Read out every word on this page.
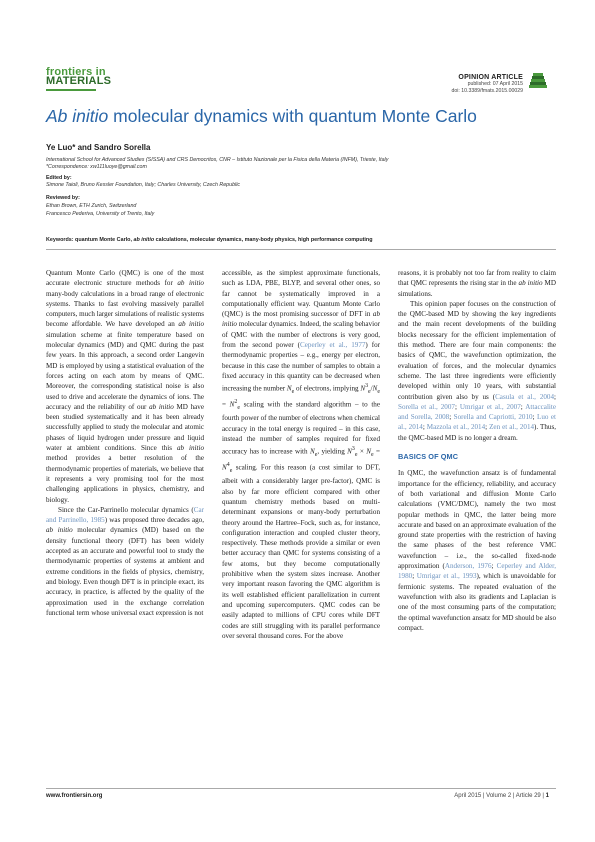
frontiers in
MATERIALS	OPINION ARTICLE
published: 07 April 2015
doi: 10.3389/fmats.2015.00029
Ab initio molecular dynamics with quantum Monte Carlo
Ye Luo* and Sandro Sorella
International School for Advanced Studies (SISSA) and CRS Democritos, CNR – Istituto Nazionale per la Fisica della Materia (INFM), Trieste, Italy
*Correspondence: xw111luoye@gmail.com
Edited by:
Simone Taioli, Bruno Kessler Foundation, Italy; Charles University, Czech Republic
Reviewed by:
Ethan Brown, ETH Zurich, Switzerland
Francesco Pederiva, University of Trento, Italy
Keywords: quantum Monte Carlo, ab initio calculations, molecular dynamics, many-body physics, high performance computing

Quantum Monte Carlo (QMC) is one of the most accurate electronic structure methods for ab initio many-body calculations in a broad range of electronic systems. Thanks to fast evolving massively parallel computers, much larger simulations of realistic systems become affordable. We have developed an ab initio simulation scheme at finite temperature based on molecular dynamics (MD) and QMC during the past few years. In this approach, a second order Langevin MD is employed by using a statistical evaluation of the forces acting on each atom by means of QMC. Moreover, the corresponding statistical noise is also used to drive and accelerate the dynamics of ions. The accuracy and the reliability of our ab initio MD have been studied systematically and it has been already successfully applied to study the molecular and atomic phases of liquid hydrogen under pressure and liquid water at ambient conditions. Since this ab initio method provides a better resolution of the thermodynamic properties of materials, we believe that it represents a very promising tool for the most challenging applications in physics, chemistry, and biology.

Since the Car-Parrinello molecular dynamics (Car and Parrinello, 1985) was proposed three decades ago, ab initio molecular dynamics (MD) based on the density functional theory (DFT) has been widely accepted as an accurate and powerful tool to study the thermodynamic properties of systems at ambient and extreme conditions in the fields of physics, chemistry, and biology. Even though DFT is in principle exact, its accuracy, in practice, is affected by the quality of the approximation used in the exchange correlation functional term whose universal exact expression is not

accessible, as the simplest approximate functionals, such as LDA, PBE, BLYP, and several other ones, so far cannot be systematically improved in a computationally efficient way. Quantum Monte Carlo (QMC) is the most promising successor of DFT in ab initio molecular dynamics. Indeed, the scaling behavior of QMC with the number of electrons is very good, from the second power (Ceperley et al., 1977) for thermodynamic properties – e.g., energy per electron, because in this case the number of samples to obtain a fixed accuracy in this quantity can be decreased when increasing the number $N_e$ of electrons, implying $N^3_e/N_e = N^2_e$ scaling with the standard algorithm – to the fourth power of the number of electrons when chemical accuracy in the total energy is required – in this case, instead the number of samples required for fixed accuracy has to increase with $N_e$, yielding $N^3_e \times N_e = N^4_e$ scaling. For this reason (a cost similar to DFT, albeit with a considerably larger pre-factor), QMC is also by far more efficient compared with other quantum chemistry methods based on multi-determinant expansions or many-body perturbation theory around the Hartree–Fock, such as, for instance, configuration interaction and coupled cluster theory, respectively. These methods provide a similar or even better accuracy than QMC for systems consisting of a few atoms, but they become computationally prohibitive when the system sizes increase. Another very important reason favoring the QMC algorithm is its well established efficient parallelization in current and upcoming supercomputers. QMC codes can be easily adapted to millions of CPU cores while DFT codes are still struggling with its parallel performance over several thousand cores. For the above

reasons, it is probably not too far from reality to claim that QMC represents the rising star in the ab initio MD simulations.

This opinion paper focuses on the construction of the QMC-based MD by showing the key ingredients and the main recent developments of the building blocks necessary for the efficient implementation of this method. There are four main components: the basics of QMC, the wavefunction optimization, the evaluation of forces, and the molecular dynamics scheme. The last three ingredients were efficiently developed within only 10 years, with substantial contribution given also by us (Casula et al., 2004; Sorella et al., 2007; Umrigar et al., 2007; Attaccalite and Sorella, 2008; Sorella and Capriotti, 2010; Luo et al., 2014; Mazzola et al., 2014; Zen et al., 2014). Thus, the QMC-based MD is no longer a dream.

BASICS OF QMC

In QMC, the wavefunction ansatz is of fundamental importance for the efficiency, reliability, and accuracy of both variational and diffusion Monte Carlo calculations (VMC/DMC), namely the two most popular methods in QMC, the latter being more accurate and based on an approximate evaluation of the ground state properties with the restriction of having the same phases of the best reference VMC wavefunction – i.e., the so-called fixed-node approximation (Anderson, 1976; Ceperley and Alder, 1980; Umrigar et al., 1993), which is unavoidable for fermionic systems. The repeated evaluation of the wavefunction with also its gradients and Laplacian is one of the most consuming parts of the computation; the optimal wavefunction ansatz for MD should be also compact.

www.frontiersin.org	April 2015 | Volume 2 | Article 29 | 1
